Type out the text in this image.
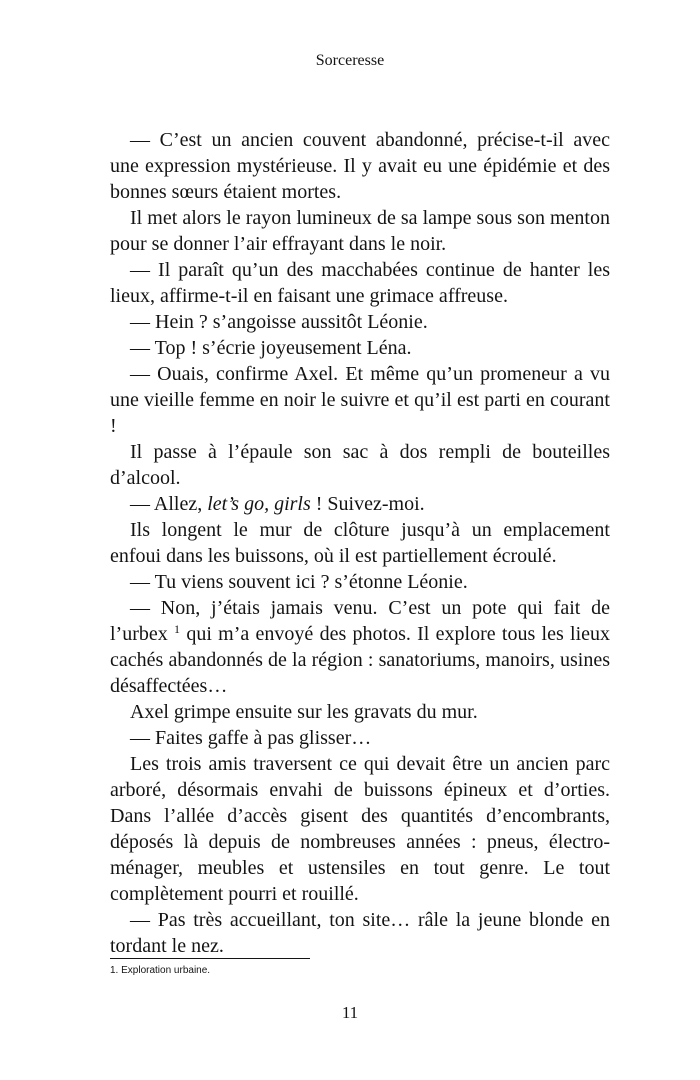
Sorceresse

— C’est un ancien couvent abandonné, précise-t-il avec une expression mystérieuse. Il y avait eu une épidémie et des bonnes sœurs étaient mortes.

Il met alors le rayon lumineux de sa lampe sous son menton pour se donner l’air effrayant dans le noir.

— Il paraît qu’un des macchabées continue de hanter les lieux, affirme-t-il en faisant une grimace affreuse.

— Hein ? s’angoisse aussitôt Léonie.

— Top ! s’écrie joyeusement Léna.

— Ouais, confirme Axel. Et même qu’un promeneur a vu une vieille femme en noir le suivre et qu’il est parti en courant !

Il passe à l’épaule son sac à dos rempli de bouteilles d’alcool.

— Allez, let’s go, girls ! Suivez-moi.

Ils longent le mur de clôture jusqu’à un emplacement enfoui dans les buissons, où il est partiellement écroulé.

— Tu viens souvent ici ? s’étonne Léonie.

— Non, j’étais jamais venu. C’est un pote qui fait de l’urbex $^1$ qui m’a envoyé des photos. Il explore tous les lieux cachés abandonnés de la région : sanatoriums, manoirs, usines désaffectées…

Axel grimpe ensuite sur les gravats du mur.

— Faites gaffe à pas glisser…

Les trois amis traversent ce qui devait être un ancien parc arboré, désormais envahi de buissons épineux et d’orties. Dans l’allée d’accès gisent des quantités d’encombrants, déposés là depuis de nombreuses années : pneus, électro-ménager, meubles et ustensiles en tout genre. Le tout complètement pourri et rouillé.

— Pas très accueillant, ton site… râle la jeune blonde en tordant le nez.

1. Exploration urbaine.
11
